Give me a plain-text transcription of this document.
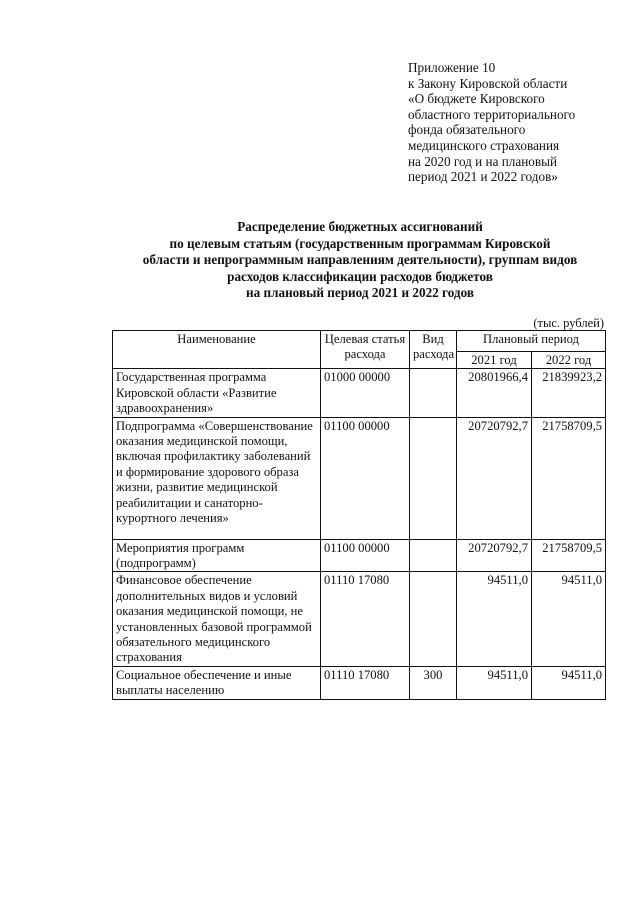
Приложение 10
к Закону Кировской области
«О бюджете Кировского
областного территориального
фонда обязательного
медицинского страхования
на 2020 год и на плановый
период 2021 и 2022 годов»
Распределение бюджетных ассигнований
по целевым статьям (государственным программам Кировской
области и непрограммным направлениям деятельности), группам видов
расходов классификации расходов бюджетов
на плановый период 2021 и 2022 годов
(тыс. рублей)
Наименование	Целевая статья расхода	Вид расхода	Плановый период	
			2021 год	2022 год
Государственная программа Кировской области «Развитие здравоохранения»	01000 00000		20801966,4	21839923,2
Подпрограмма «Совершенствование оказания медицинской помощи, включая профилактику заболеваний и формирование здорового образа жизни, развитие медицинской реабилитации и санаторно-курортного лечения»	01100 00000		20720792,7	21758709,5
Мероприятия программ (подпрограмм)	01100 00000		20720792,7	21758709,5
Финансовое обеспечение дополнительных видов и условий оказания медицинской помощи, не установленных базовой программой обязательного медицинского страхования	01110 17080		94511,0	94511,0
Социальное обеспечение и иные выплаты населению	01110 17080	300	94511,0	94511,0
